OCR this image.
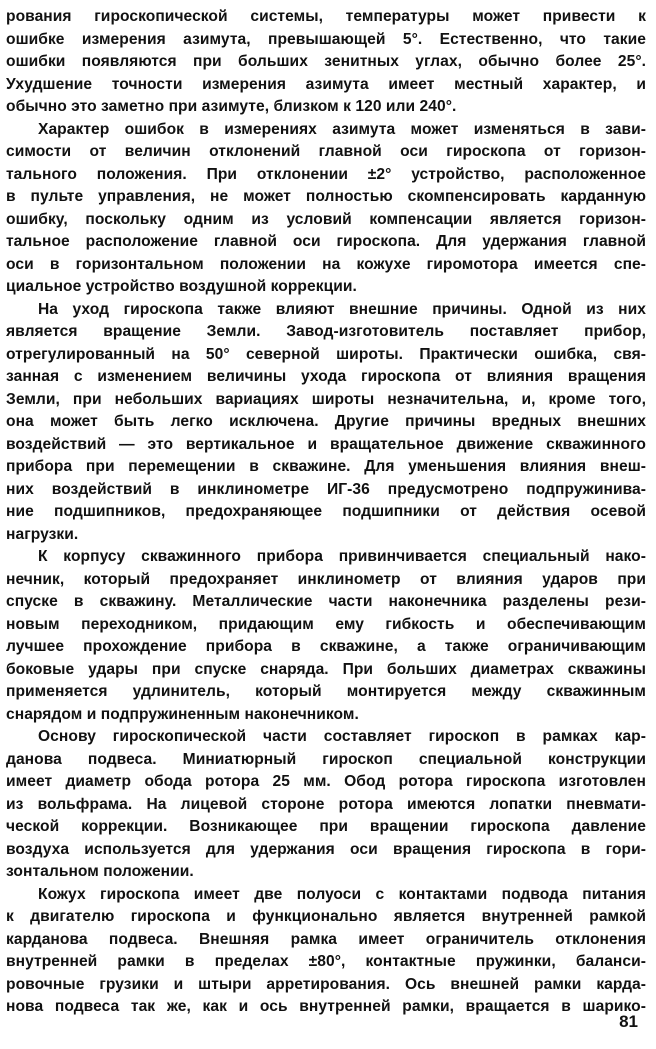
рования гироскопической системы, температуры может привести к
ошибке измерения азимута, превышающей 5°. Естественно, что такие
ошибки появляются при больших зенитных углах, обычно более 25°.
Ухудшение точности измерения азимута имеет местный характер, и
обычно это заметно при азимуте, близком к 120 или 240°.
Характер ошибок в измерениях азимута может изменяться в зави-
симости от величин отклонений главной оси гироскопа от горизон-
тального положения. При отклонении ±2° устройство, расположенное
в пульте управления, не может полностью скомпенсировать карданную
ошибку, поскольку одним из условий компенсации является горизон-
тальное расположение главной оси гироскопа. Для удержания главной
оси в горизонтальном положении на кожухе гиромотора имеется спе-
циальное устройство воздушной коррекции.
На уход гироскопа также влияют внешние причины. Одной из них
является вращение Земли. Завод-изготовитель поставляет прибор,
отрегулированный на 50° северной широты. Практически ошибка, свя-
занная с изменением величины ухода гироскопа от влияния вращения
Земли, при небольших вариациях широты незначительна, и, кроме того,
она может быть легко исключена. Другие причины вредных внешних
воздействий — это вертикальное и вращательное движение скважинного
прибора при перемещении в скважине. Для уменьшения влияния внеш-
них воздействий в инклинометре ИГ-36 предусмотрено подпружинива-
ние подшипников, предохраняющее подшипники от действия осевой
нагрузки.
К корпусу скважинного прибора привинчивается специальный нако-
нечник, который предохраняет инклинометр от влияния ударов при
спуске в скважину. Металлические части наконечника разделены рези-
новым переходником, придающим ему гибкость и обеспечивающим
лучшее прохождение прибора в скважине, а также ограничивающим
боковые удары при спуске снаряда. При больших диаметрах скважины
применяется удлинитель, который монтируется между скважинным
снарядом и подпружиненным наконечником.
Основу гироскопической части составляет гироскоп в рамках кар-
данова подвеса. Миниатюрный гироскоп специальной конструкции
имеет диаметр обода ротора 25 мм. Обод ротора гироскопа изготовлен
из вольфрама. На лицевой стороне ротора имеются лопатки пневмати-
ческой коррекции. Возникающее при вращении гироскопа давление
воздуха используется для удержания оси вращения гироскопа в гори-
зонтальном положении.
Кожух гироскопа имеет две полуоси с контактами подвода питания
к двигателю гироскопа и функционально является внутренней рамкой
карданова подвеса. Внешняя рамка имеет ограничитель отклонения
внутренней рамки в пределах ±80°, контактные пружинки, баланси-
ровочные грузики и штыри арретирования. Ось внешней рамки карда-
нова подвеса так же, как и ось внутренней рамки, вращается в шарико-
81
